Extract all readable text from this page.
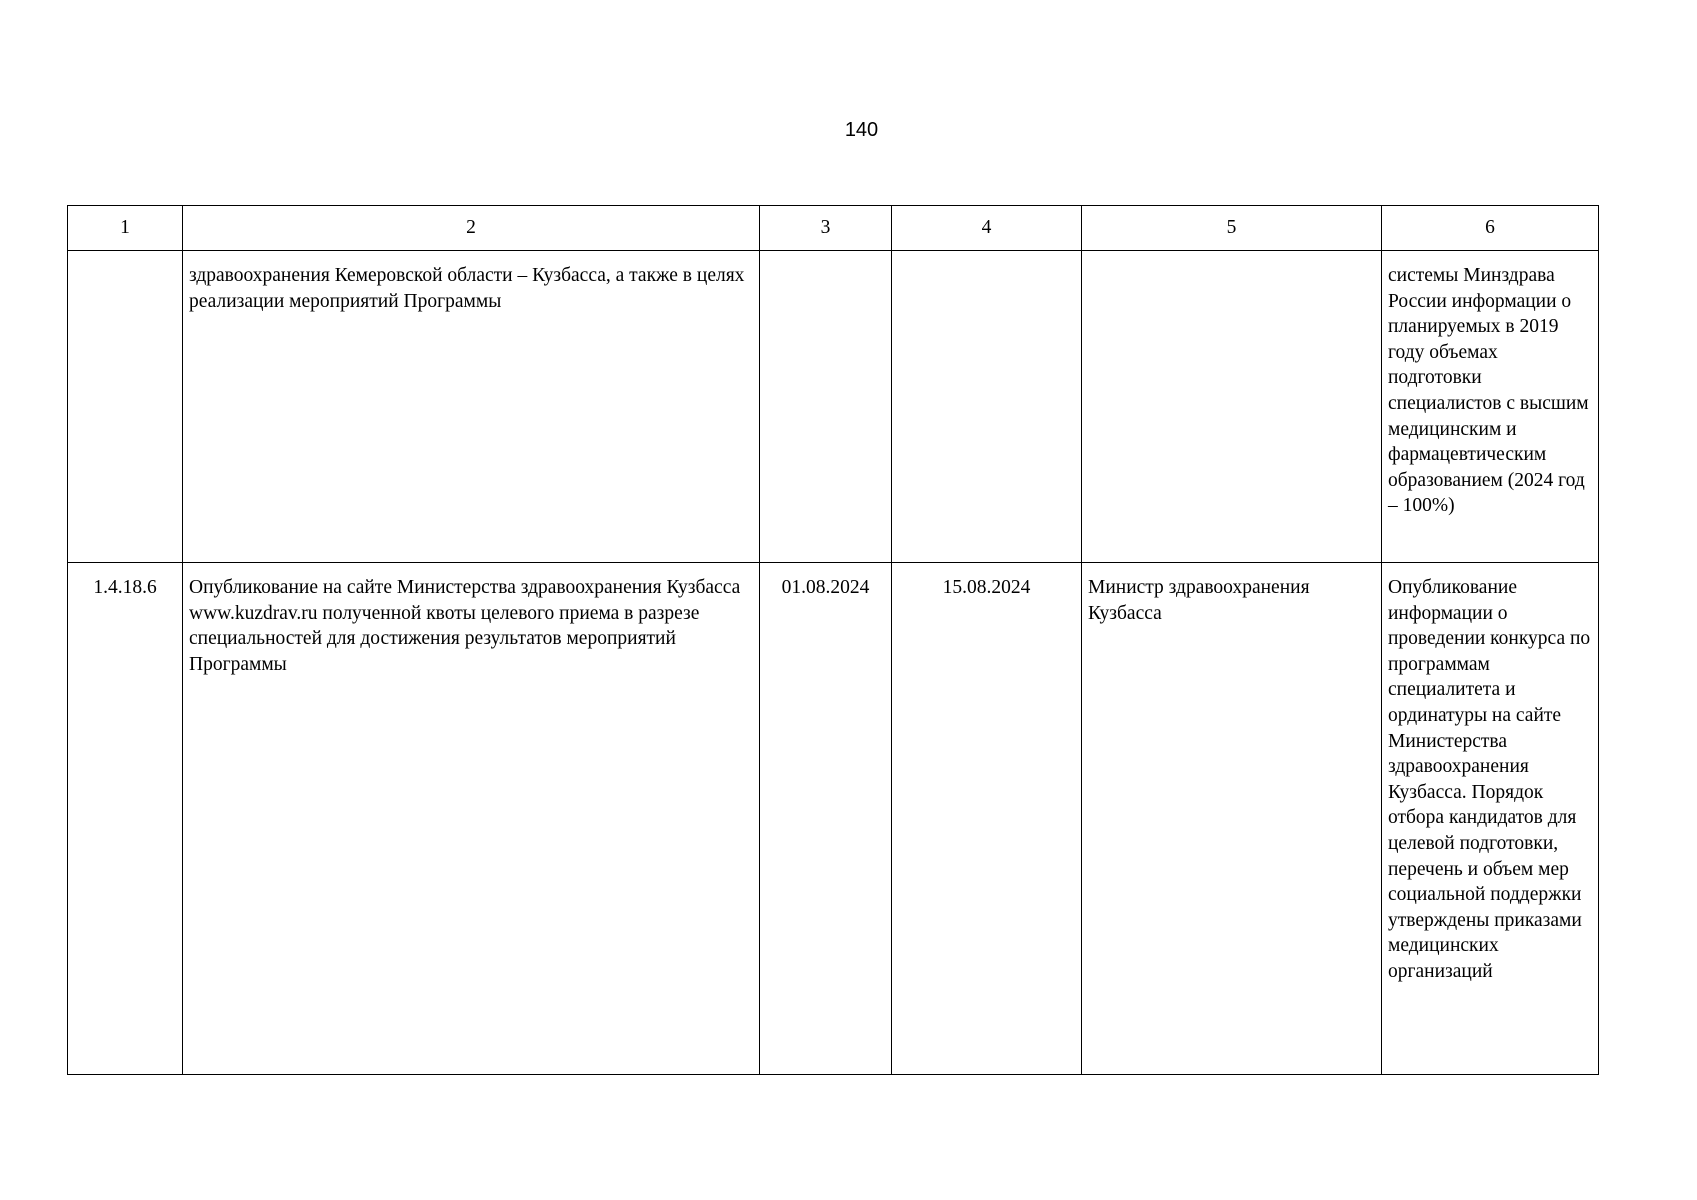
140
1	2	3	4	5	6
	здравоохранения Кемеровской области – Кузбасса, а также в целях реализации мероприятий Программы				системы Минздрава России информации о планируемых в 2019 году объемах подготовки специалистов с высшим медицинским и фармацевтическим образованием (2024 год – 100%)
1.4.18.6	Опубликование на сайте Министерства здравоохранения Кузбасса www.kuzdrav.ru полученной квоты целевого приема в разрезе специальностей для достижения результатов мероприятий Программы	01.08.2024	15.08.2024	Министр здравоохранения Кузбасса	Опубликование информации о проведении конкурса по программам специалитета и ординатуры на сайте Министерства здравоохранения Кузбасса. Порядок отбора кандидатов для целевой подготовки, перечень и объем мер социальной поддержки утверждены приказами медицинских организаций
